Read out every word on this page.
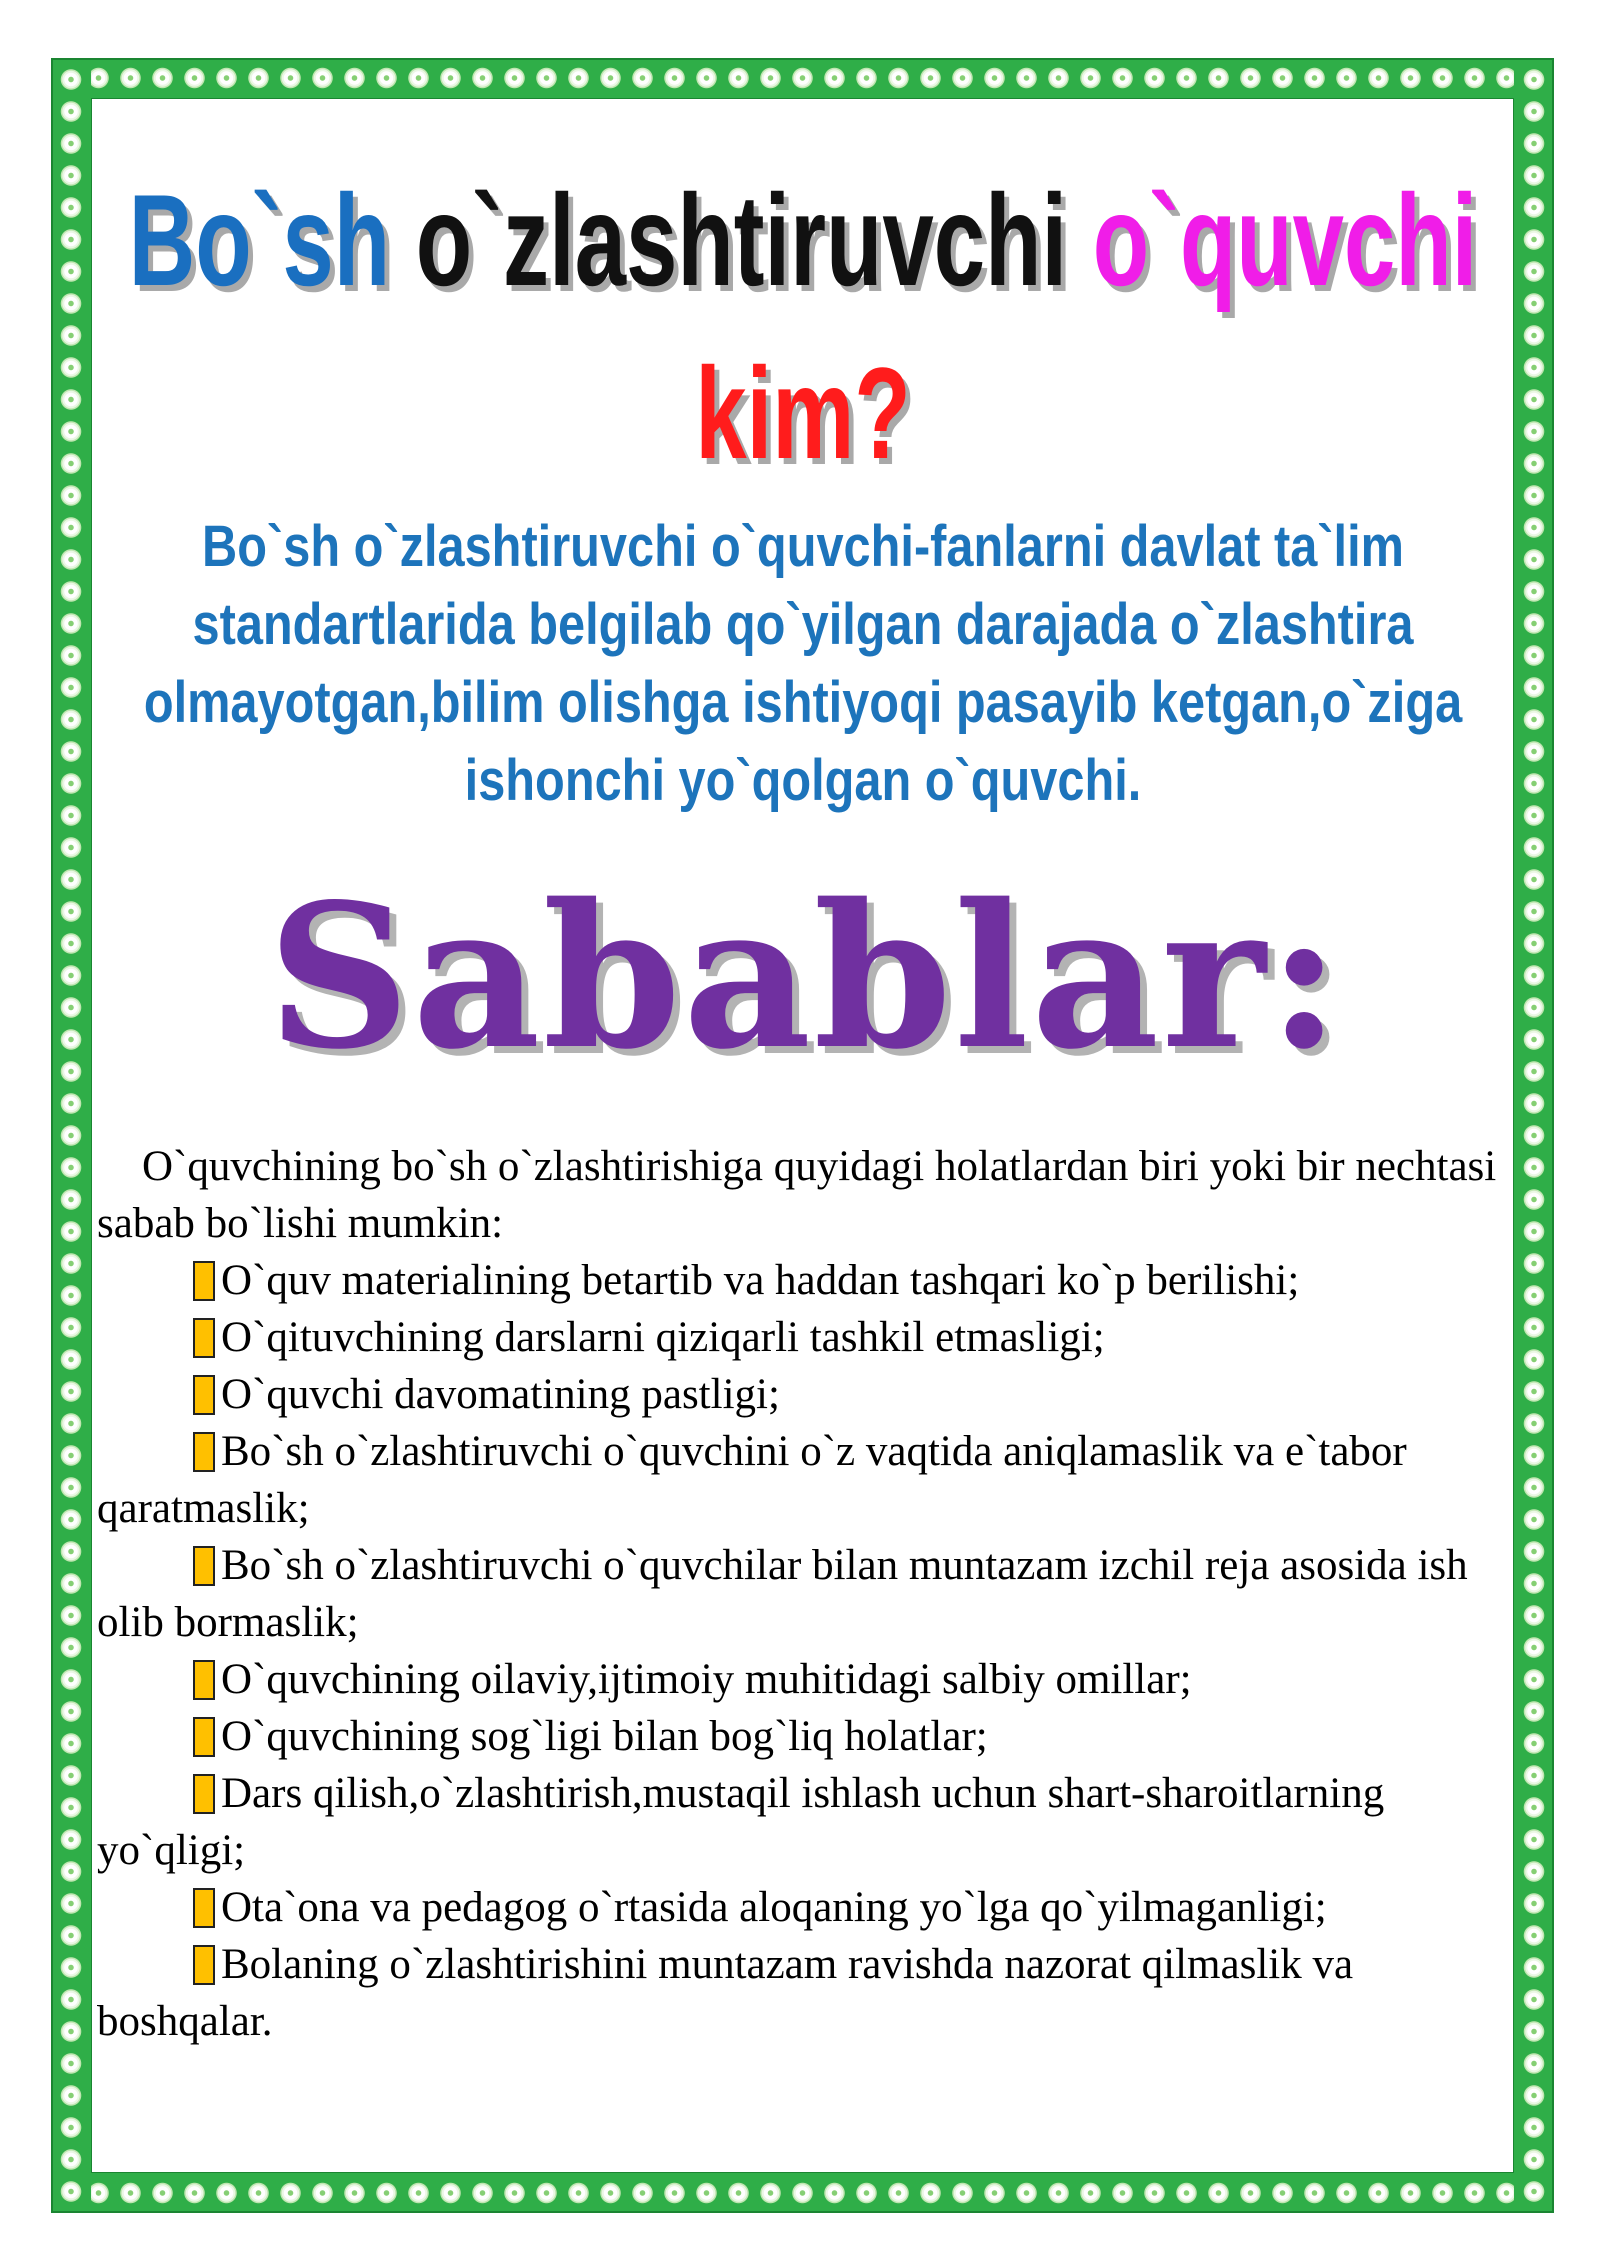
Bo`sh o`zlashtiruvchi o`quvchi
kim?
Bo`sh o`zlashtiruvchi o`quvchi-fanlarni davlat ta`lim
standartlarida belgilab qo`yilgan darajada o`zlashtira
olmayotgan,bilim olishga ishtiyoqi pasayib ketgan,o`ziga
ishonchi yo`qolgan o`quvchi.
Sabablar:

O`quvchining bo`sh o`zlashtirishiga quyidagi holatlardan biri yoki bir nechtasi sabab bo`lishi mumkin:

O`quv materialining betartib va haddan tashqari ko`p berilishi;

O`qituvchining darslarni qiziqarli tashkil etmasligi;

O`quvchi davomatining pastligi;

Bo`sh o`zlashtiruvchi o`quvchini o`z vaqtida aniqlamaslik va e`tabor qaratmaslik;

Bo`sh o`zlashtiruvchi o`quvchilar bilan muntazam izchil reja asosida ish olib bormaslik;

O`quvchining oilaviy,ijtimoiy muhitidagi salbiy omillar;

O`quvchining sog`ligi bilan bog`liq holatlar;

Dars qilish,o`zlashtirish,mustaqil ishlash uchun shart-sharoitlarning yo`qligi;

Ota`ona va pedagog o`rtasida aloqaning yo`lga qo`yilmaganligi;

Bolaning o`zlashtirishini muntazam ravishda nazorat qilmaslik va boshqalar.
